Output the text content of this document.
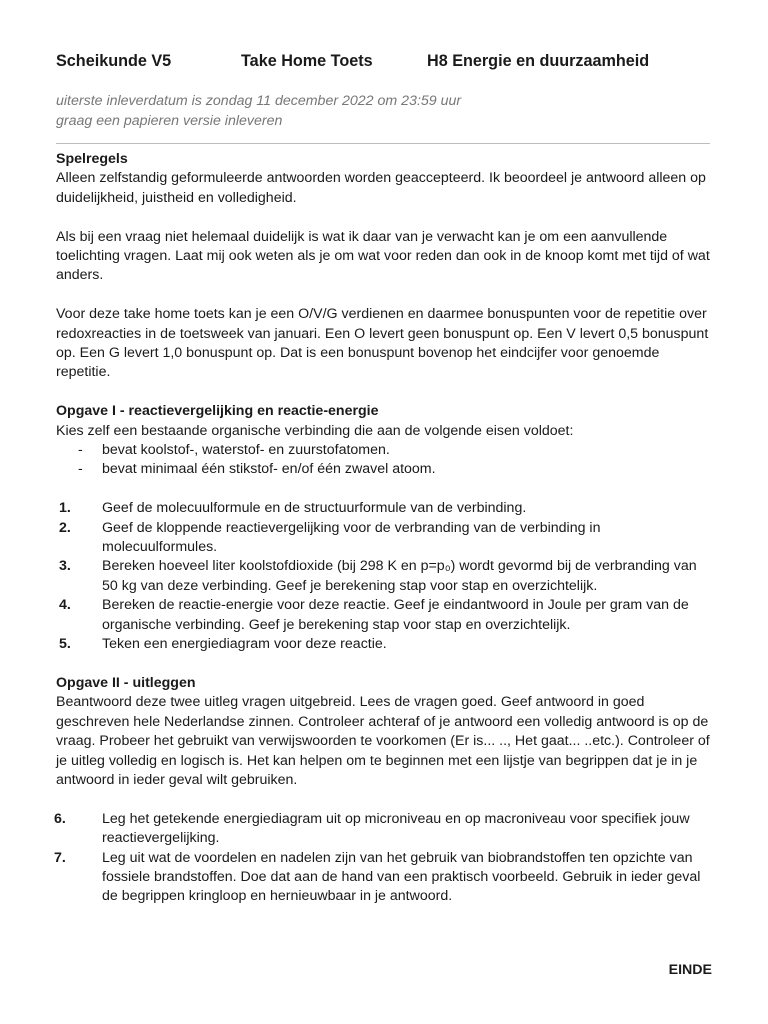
Scheikunde V5	Take Home Toets	H8 Energie en duurzaamheid
uiterste inleverdatum is zondag 11 december 2022 om 23:59 uur
graag een papieren versie inleveren

Spelregels

Alleen zelfstandig geformuleerde antwoorden worden geaccepteerd. Ik beoordeel je antwoord alleen op duidelijkheid, juistheid en volledigheid.

Als bij een vraag niet helemaal duidelijk is wat ik daar van je verwacht kan je om een aanvullende toelichting vragen. Laat mij ook weten als je om wat voor reden dan ook in de knoop komt met tijd of wat anders.

Voor deze take home toets kan je een O/V/G verdienen en daarmee bonuspunten voor de repetitie over redoxreacties in de toetsweek van januari. Een O levert geen bonuspunt op. Een V levert 0,5 bonuspunt op. Een G levert 1,0 bonuspunt op. Dat is een bonuspunt bovenop het eindcijfer voor genoemde repetitie.

Opgave I - reactievergelijking en reactie-energie

Kies zelf een bestaande organische verbinding die aan de volgende eisen voldoet:

- bevat koolstof-, waterstof- en zuurstofatomen.
- bevat minimaal één stikstof- en/of één zwavel atoom.
1. Geef de molecuulformule en de structuurformule van de verbinding.
2. Geef de kloppende reactievergelijking voor de verbranding van de verbinding in molecuulformules.
3. Bereken hoeveel liter koolstofdioxide (bij 298 K en p=p₀) wordt gevormd bij de verbranding van 50 kg van deze verbinding. Geef je berekening stap voor stap en overzichtelijk.
4. Bereken de reactie-energie voor deze reactie. Geef je eindantwoord in Joule per gram van de organische verbinding. Geef je berekening stap voor stap en overzichtelijk.
5. Teken een energiediagram voor deze reactie.

Opgave II - uitleggen

Beantwoord deze twee uitleg vragen uitgebreid. Lees de vragen goed. Geef antwoord in goed geschreven hele Nederlandse zinnen. Controleer achteraf of je antwoord een volledig antwoord is op de vraag. Probeer het gebruikt van verwijswoorden te voorkomen (Er is... .., Het gaat... ..etc.). Controleer of je uitleg volledig en logisch is. Het kan helpen om te beginnen met een lijstje van begrippen dat je in je antwoord in ieder geval wilt gebruiken.

6.	Leg het getekende energiediagram uit op microniveau en op macroniveau voor specifiek jouw reactievergelijking.
7.	Leg uit wat de voordelen en nadelen zijn van het gebruik van biobrandstoffen ten opzichte van fossiele brandstoffen. Doe dat aan de hand van een praktisch voorbeeld. Gebruik in ieder geval de begrippen kringloop en hernieuwbaar in je antwoord.
EINDE
